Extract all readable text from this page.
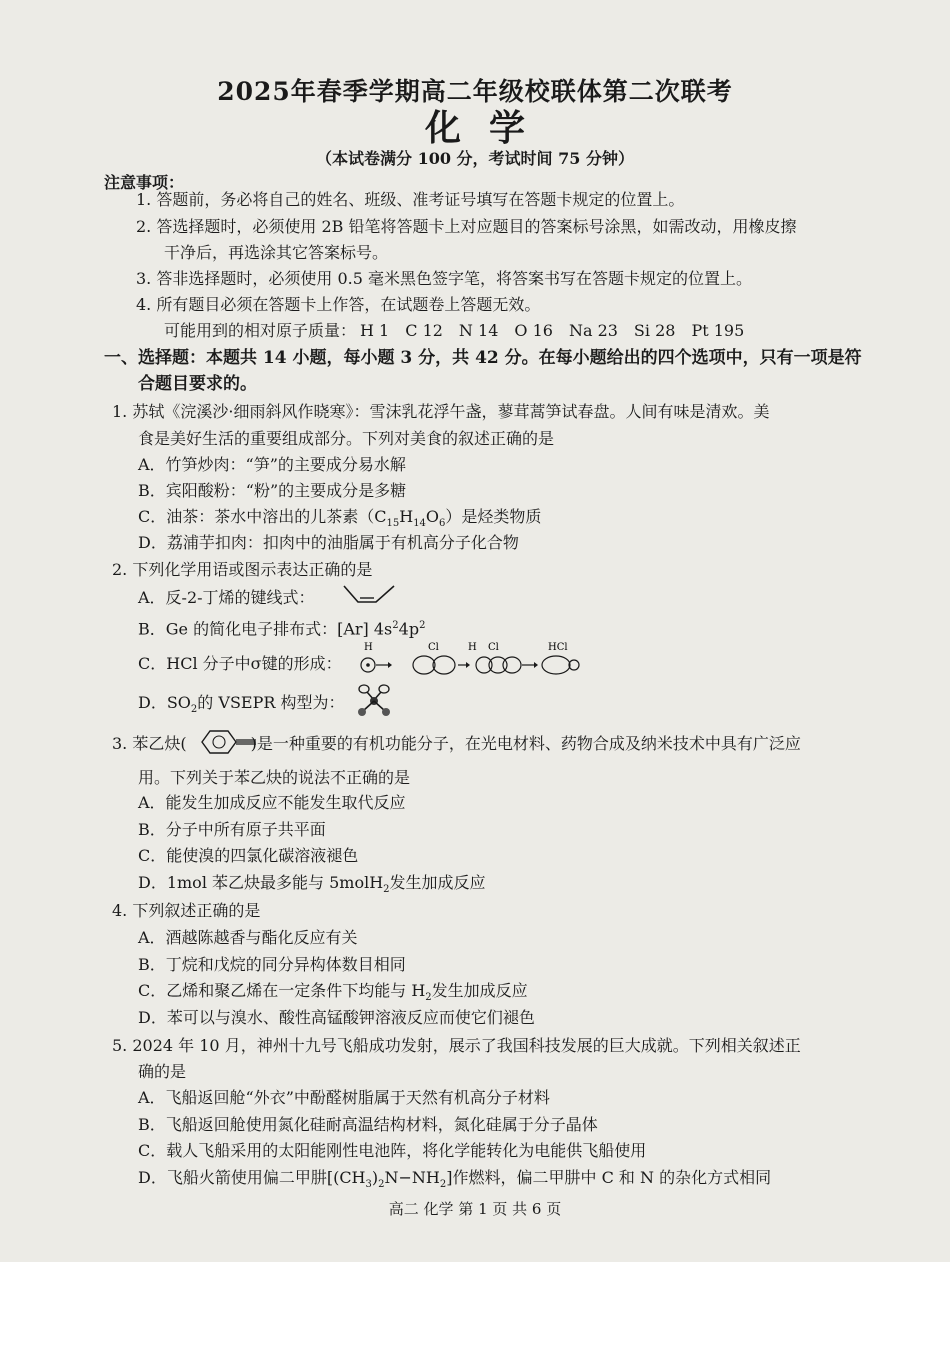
2025年春季学期高二年级校联体第二次联考
化学
（本试卷满分 100 分，考试时间 75 分钟）
注意事项：
1. 答题前，务必将自己的姓名、班级、准考证号填写在答题卡规定的位置上。
2. 答选择题时，必须使用 2B 铅笔将答题卡上对应题目的答案标号涂黑，如需改动，用橡皮擦
干净后，再选涂其它答案标号。
3. 答非选择题时，必须使用 0.5 毫米黑色签字笔，将答案书写在答题卡规定的位置上。
4. 所有题目必须在答题卡上作答，在试题卷上答题无效。
可能用到的相对原子质量： H 1 C 12 N 14 O 16 Na 23 Si 28 Pt 195
一、选择题：本题共 14 小题，每小题 3 分，共 42 分。在每小题给出的四个选项中，只有一项是符
合题目要求的。
1. 苏轼《浣溪沙·细雨斜风作晓寒》：雪沫乳花浮午盏，蓼茸蒿笋试春盘。人间有味是清欢。美
食是美好生活的重要组成部分。下列对美食的叙述正确的是
A．竹笋炒肉：“笋”的主要成分易水解
B．宾阳酸粉：“粉”的主要成分是多糖
C．油茶：茶水中溶出的儿茶素$(C_{15}H_{14}O_6)$是烃类物质
D．荔浦芋扣肉：扣肉中的油脂属于有机高分子化合物
2. 下列化学用语或图示表达正确的是
A．反-2-丁烯的键线式：
B．Ge 的简化电子排布式：[Ar] $4s^24p^2$
C．HCl 分子中σ键的形成：
H	Cl	H Cl	HCl
D．$SO_2$的 VSEPR 构型为：
3. 苯乙炔(	)是一种重要的有机功能分子，在光电材料、药物合成及纳米技术中具有广泛应
用。下列关于苯乙炔的说法不正确的是
A．能发生加成反应不能发生取代反应
B．分子中所有原子共平面
C．能使溴的四氯化碳溶液褪色
D．1mol 苯乙炔最多能与 5molH$_2$发生加成反应
4. 下列叙述正确的是
A．酒越陈越香与酯化反应有关
B．丁烷和戊烷的同分异构体数目相同
C．乙烯和聚乙烯在一定条件下均能与 $H_2$发生加成反应
D．苯可以与溴水、酸性高锰酸钾溶液反应而使它们褪色
5. 2024 年 10 月，神州十九号飞船成功发射，展示了我国科技发展的巨大成就。下列相关叙述正
确的是
A．飞船返回舱“外衣”中酚醛树脂属于天然有机高分子材料
B．飞船返回舱使用氮化硅耐高温结构材料，氮化硅属于分子晶体
C．载人飞船采用的太阳能刚性电池阵，将化学能转化为电能供飞船使用
D．飞船火箭使用偏二甲肼$[(CH_3)_2N-NH_2]$作燃料，偏二甲肼中 C 和 N 的杂化方式相同
高二 化学 第 1 页 共 6 页
